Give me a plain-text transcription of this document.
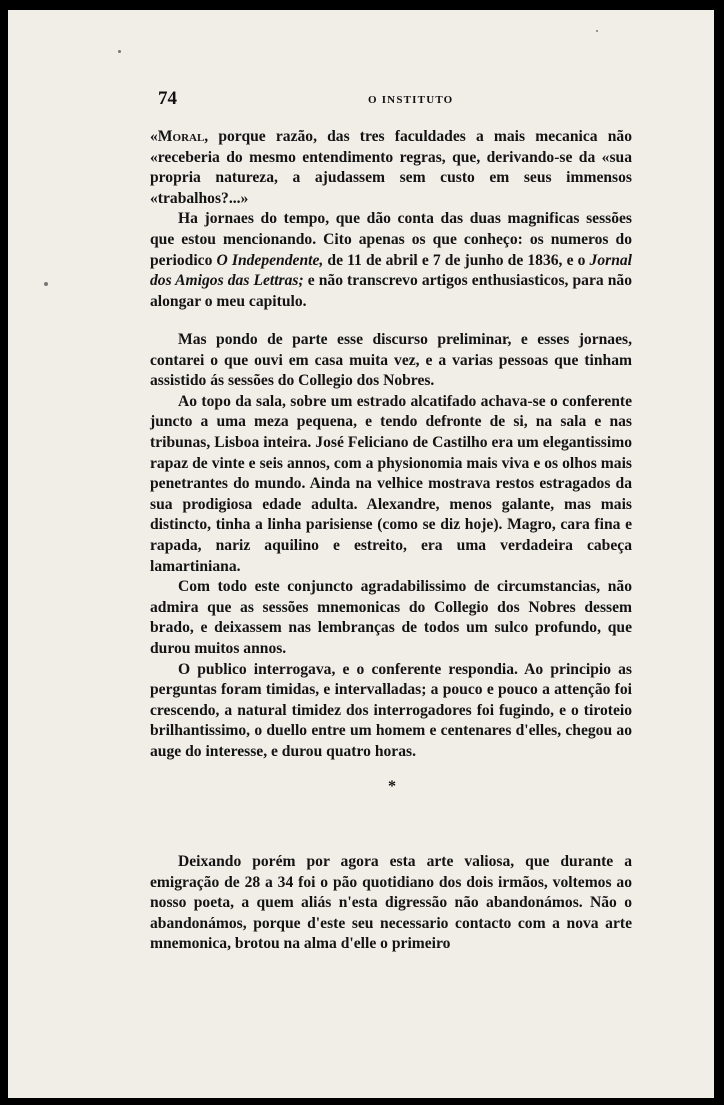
74	O INSTITUTO

«Moral, porque razão, das tres faculdades a mais mecanica não «receberia do mesmo entendimento regras, que, derivando-se da «sua propria natureza, a ajudassem sem custo em seus immensos «trabalhos?...»

Ha jornaes do tempo, que dão conta das duas magnificas sessões que estou mencionando. Cito apenas os que conheço: os numeros do periodico O Independente, de 11 de abril e 7 de junho de 1836, e o Jornal dos Amigos das Lettras; e não transcrevo artigos enthusiasticos, para não alongar o meu capitulo.

Mas pondo de parte esse discurso preliminar, e esses jornaes, contarei o que ouvi em casa muita vez, e a varias pessoas que tinham assistido ás sessões do Collegio dos Nobres.

Ao topo da sala, sobre um estrado alcatifado achava-se o conferente juncto a uma meza pequena, e tendo defronte de si, na sala e nas tribunas, Lisboa inteira. José Feliciano de Castilho era um elegantissimo rapaz de vinte e seis annos, com a physionomia mais viva e os olhos mais penetrantes do mundo. Ainda na velhice mostrava restos estragados da sua prodigiosa edade adulta. Alexandre, menos galante, mas mais distincto, tinha a linha parisiense (como se diz hoje). Magro, cara fina e rapada, nariz aquilino e estreito, era uma verdadeira cabeça lamartiniana.

Com todo este conjuncto agradabilissimo de circumstancias, não admira que as sessões mnemonicas do Collegio dos Nobres dessem brado, e deixassem nas lembranças de todos um sulco profundo, que durou muitos annos.

O publico interrogava, e o conferente respondia. Ao principio as perguntas foram timidas, e intervalladas; a pouco e pouco a attenção foi crescendo, a natural timidez dos interrogadores foi fugindo, e o tiroteio brilhantissimo, o duello entre um homem e centenares d'elles, chegou ao auge do interesse, e durou quatro horas.

*

Deixando porém por agora esta arte valiosa, que durante a emigração de 28 a 34 foi o pão quotidiano dos dois irmãos, voltemos ao nosso poeta, a quem aliás n'esta digressão não abandonámos. Não o abandonámos, porque d'este seu necessario contacto com a nova arte mnemonica, brotou na alma d'elle o primeiro
